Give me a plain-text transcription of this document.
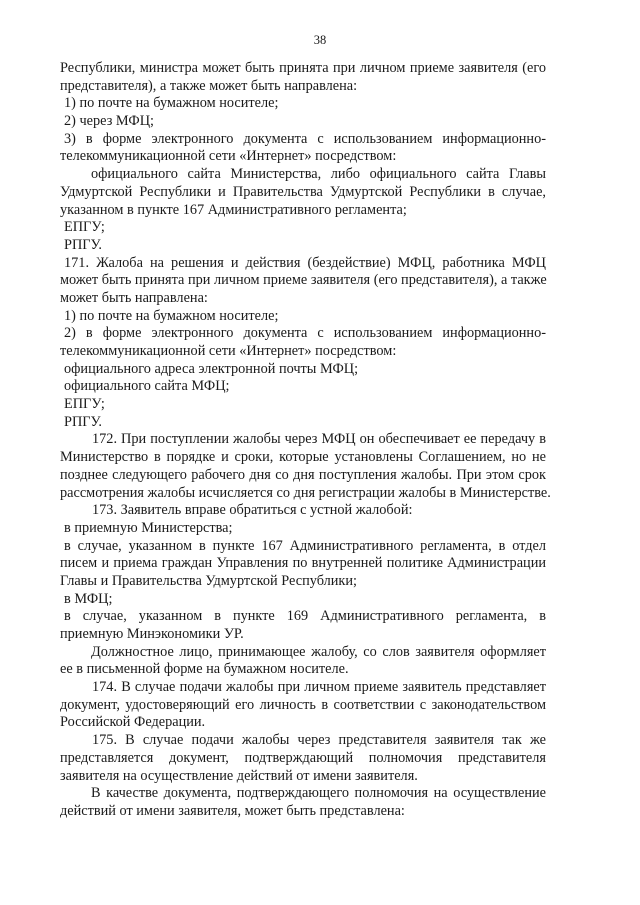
38
Республики, министра может быть принята при личном приеме заявителя (его
представителя), а также может быть направлена:
1) по почте на бумажном носителе;
2) через МФЦ;
3) в форме электронного документа с использованием информационно-
телекоммуникационной сети «Интернет» посредством:
официального сайта Министерства, либо официального сайта Главы
Удмуртской Республики и Правительства Удмуртской Республики в случае,
указанном в пункте 167 Административного регламента;
ЕПГУ;
РПГУ.
171. Жалоба на решения и действия (бездействие) МФЦ, работника МФЦ
может быть принята при личном приеме заявителя (его представителя), а также
может быть направлена:
1) по почте на бумажном носителе;
2) в форме электронного документа с использованием информационно-
телекоммуникационной сети «Интернет» посредством:
официального адреса электронной почты МФЦ;
официального сайта МФЦ;
ЕПГУ;
РПГУ.
172. При поступлении жалобы через МФЦ он обеспечивает ее передачу в
Министерство в порядке и сроки, которые установлены Соглашением, но не
позднее следующего рабочего дня со дня поступления жалобы. При этом срок
рассмотрения жалобы исчисляется со дня регистрации жалобы в Министерстве.
173. Заявитель вправе обратиться с устной жалобой:
в приемную Министерства;
в случае, указанном в пункте 167 Административного регламента, в отдел
писем и приема граждан Управления по внутренней политике Администрации
Главы и Правительства Удмуртской Республики;
в МФЦ;
в случае, указанном в пункте 169 Административного регламента, в
приемную Минэкономики УР.
Должностное лицо, принимающее жалобу, со слов заявителя оформляет
ее в письменной форме на бумажном носителе.
174. В случае подачи жалобы при личном приеме заявитель представляет
документ, удостоверяющий его личность в соответствии с законодательством
Российской Федерации.
175. В случае подачи жалобы через представителя заявителя так же
представляется документ, подтверждающий полномочия представителя
заявителя на осуществление действий от имени заявителя.
В качестве документа, подтверждающего полномочия на осуществление
действий от имени заявителя, может быть представлена:
